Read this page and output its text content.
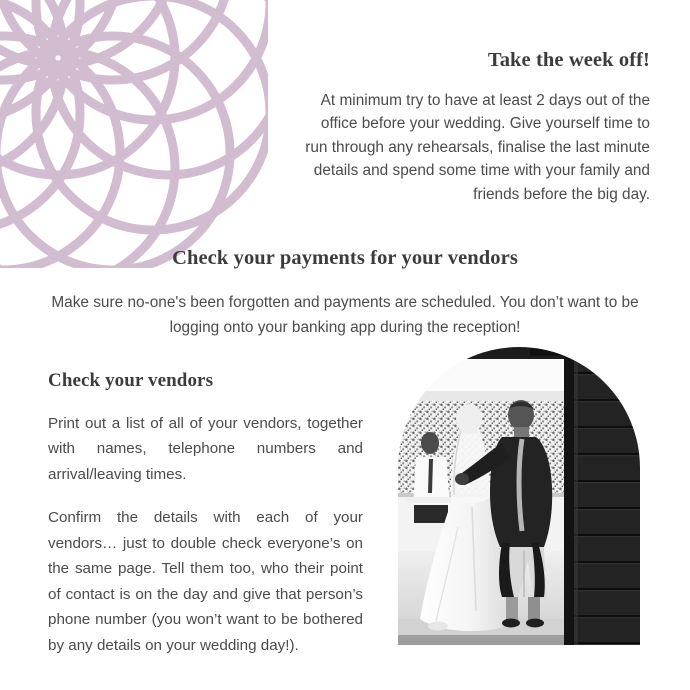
Take the week off!

At minimum try to have at least 2 days out of the office before your wedding. Give yourself time to run through any rehearsals, finalise the last minute details and spend some time with your family and friends before the big day.

Check your payments for your vendors

Make sure no-one's been forgotten and payments are scheduled. You don’t want to be logging onto your banking app during the reception!

Check your vendors

Print out a list of all of your vendors, together with names, telephone numbers and arrival/leaving times.

Confirm the details with each of your vendors… just to double check everyone’s on the same page. Tell them too, who their point of contact is on the day and give that person’s phone number (you won’t want to be bothered by any details on your wedding day!).
